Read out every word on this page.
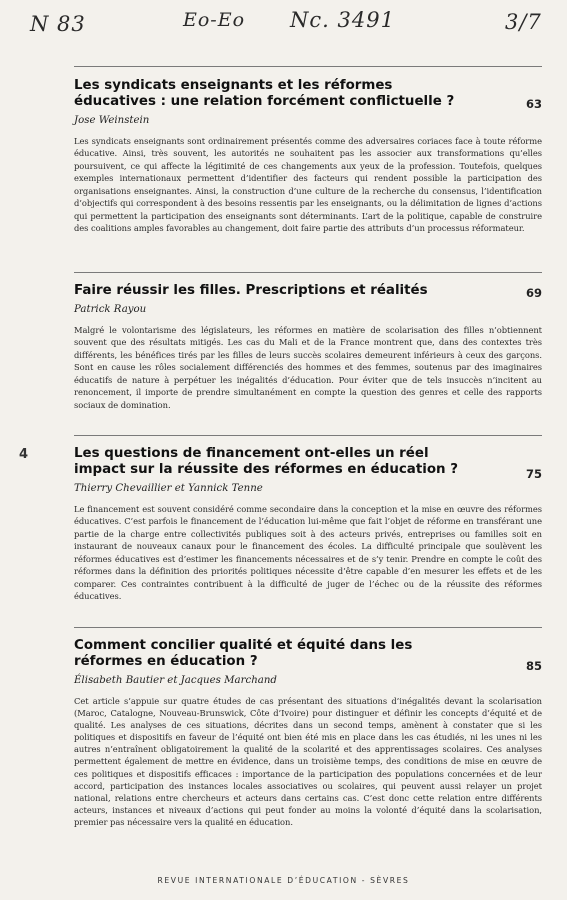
N 83	Eo-Eo Nc. 3491	3/7
4
Les syndicats enseignants et les réformes éducatives : une relation forcément conflictuelle ?	63
Jose Weinstein
Les syndicats enseignants sont ordinairement présentés comme des adversaires coriaces face à toute réforme éducative. Ainsi, très souvent, les autorités ne souhaitent pas les associer aux transformations qu’elles poursuivent, ce qui affecte la légitimité de ces changements aux yeux de la profession. Toutefois, quelques exemples internationaux permettent d’identifier des facteurs qui rendent possible la participation des organisations enseignantes. Ainsi, la construction d’une culture de la recherche du consensus, l’identification d’objectifs qui correspondent à des besoins ressentis par les enseignants, ou la délimitation de lignes d’actions qui permettent la participation des enseignants sont déterminants. L’art de la politique, capable de construire des coalitions amples favorables au changement, doit faire partie des attributs d’un processus réformateur.
Faire réussir les filles. Prescriptions et réalités	69
Patrick Rayou
Malgré le volontarisme des législateurs, les réformes en matière de scolarisation des filles n’obtiennent souvent que des résultats mitigés. Les cas du Mali et de la France montrent que, dans des contextes très différents, les bénéfices tirés par les filles de leurs succès scolaires demeurent inférieurs à ceux des garçons. Sont en cause les rôles socialement différenciés des hommes et des femmes, soutenus par des imaginaires éducatifs de nature à perpétuer les inégalités d’éducation. Pour éviter que de tels insuccès n’incitent au renoncement, il importe de prendre simultanément en compte la question des genres et celle des rapports sociaux de domination.
Les questions de financement ont-elles un réel impact sur la réussite des réformes en éducation ?	75
Thierry Chevaillier et Yannick Tenne
Le financement est souvent considéré comme secondaire dans la conception et la mise en œuvre des réformes éducatives. C’est parfois le financement de l’éducation lui-même que fait l’objet de réforme en transférant une partie de la charge entre collectivités publiques soit à des acteurs privés, entreprises ou familles soit en instaurant de nouveaux canaux pour le financement des écoles. La difficulté principale que soulèvent les réformes éducatives est d’estimer les financements nécessaires et de s’y tenir. Prendre en compte le coût des réformes dans la définition des priorités politiques nécessite d’être capable d’en mesurer les effets et de les comparer. Ces contraintes contribuent à la difficulté de juger de l’échec ou de la réussite des réformes éducatives.
Comment concilier qualité et équité dans les réformes en éducation ?	85
Élisabeth Bautier et Jacques Marchand
Cet article s’appuie sur quatre études de cas présentant des situations d’inégalités devant la scolarisation (Maroc, Catalogne, Nouveau-Brunswick, Côte d’Ivoire) pour distinguer et définir les concepts d’équité et de qualité. Les analyses de ces situations, décrites dans un second temps, amènent à constater que si les politiques et dispositifs en faveur de l’équité ont bien été mis en place dans les cas étudiés, ni les unes ni les autres n’entraînent obligatoirement la qualité de la scolarité et des apprentissages scolaires. Ces analyses permettent également de mettre en évidence, dans un troisième temps, des conditions de mise en œuvre de ces politiques et dispositifs efficaces : importance de la participation des populations concernées et de leur accord, participation des instances locales associatives ou scolaires, qui peuvent aussi relayer un projet national, relations entre chercheurs et acteurs dans certains cas. C’est donc cette relation entre différents acteurs, instances et niveaux d’actions qui peut fonder au moins la volonté d’équité dans la scolarisation, premier pas nécessaire vers la qualité en éducation.
REVUE INTERNATIONALE D’ÉDUCATION - SÈVRES
